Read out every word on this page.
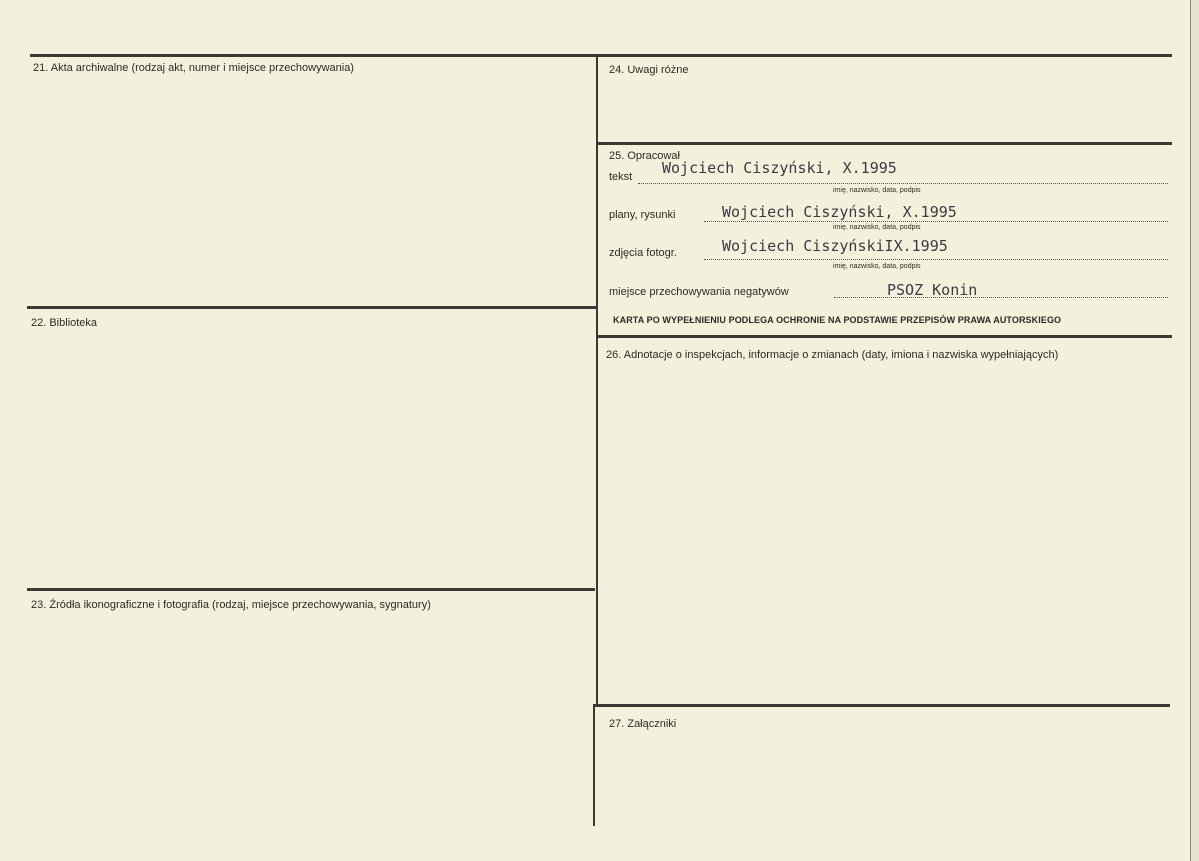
21. Akta archiwalne (rodzaj akt, numer i miejsce przechowywania)
22. Biblioteka
23. Źródła ikonograficzne i fotografia (rodzaj, miejsce przechowywania, sygnatury)
24. Uwagi różne
25. Opracował
26. Adnotacje o inspekcjach, informacje o zmianach (daty, imiona i nazwiska wypełniających)
27. Załączniki
tekst Wojciech Ciszyński, X.1995
imię, nazwisko, data, podpis
plany, rysunki	Wojciech Ciszyński, X.1995
imię, nazwisko, data, podpis
zdjęcia fotogr.	Wojciech CiszyńskiIX.1995
imię, nazwisko, data, podpis
miejsce przechowywania negatywów	PSOZ Konin
KARTA PO WYPEŁNIENIU PODLEGA OCHRONIE NA PODSTAWIE PRZEPISÓW PRAWA AUTORSKIEGO
